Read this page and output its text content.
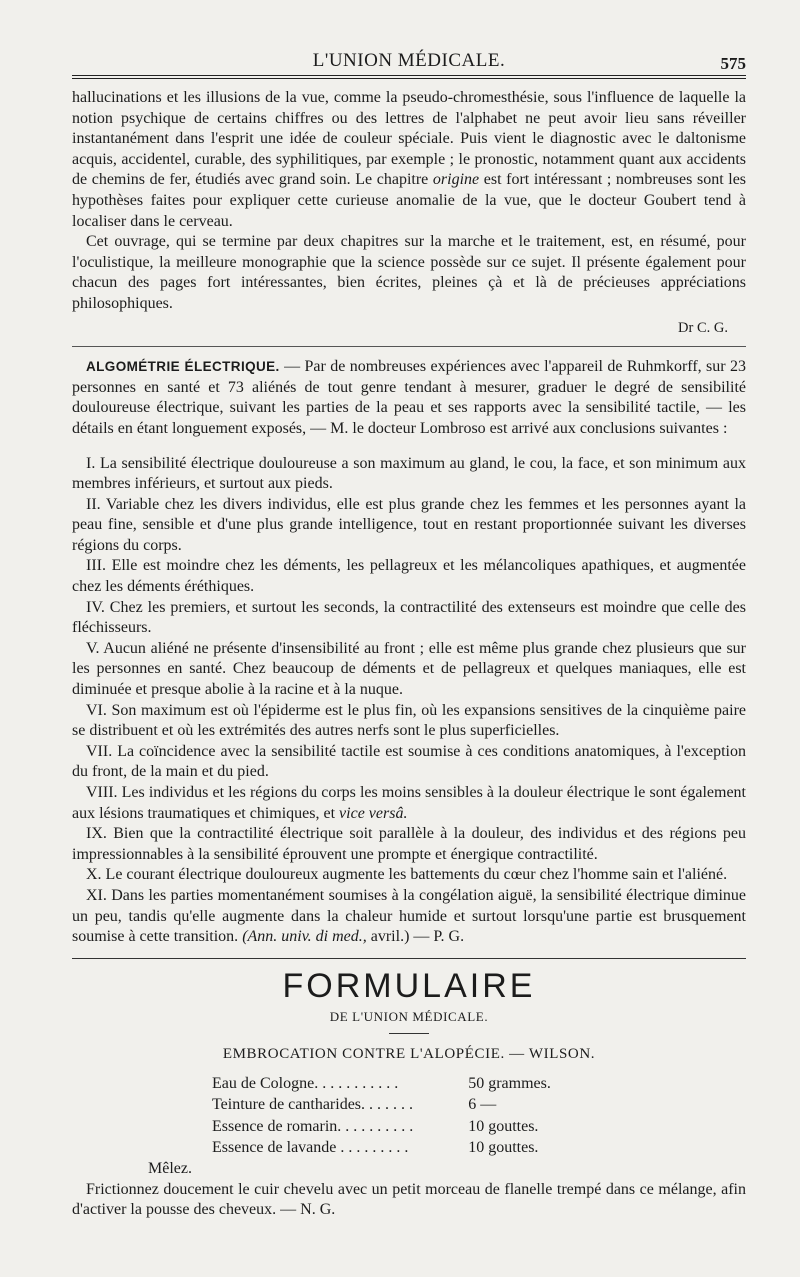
L'UNION MÉDICALE.	575

hallucinations et les illusions de la vue, comme la pseudo-chromesthésie, sous l'influence de laquelle la notion psychique de certains chiffres ou des lettres de l'alphabet ne peut avoir lieu sans réveiller instantanément dans l'esprit une idée de couleur spéciale. Puis vient le diagnostic avec le daltonisme acquis, accidentel, curable, des syphilitiques, par exemple ; le pronostic, notamment quant aux accidents de chemins de fer, étudiés avec grand soin. Le chapitre origine est fort intéressant ; nombreuses sont les hypothèses faites pour expliquer cette curieuse anomalie de la vue, que le docteur Goubert tend à localiser dans le cerveau.

Cet ouvrage, qui se termine par deux chapitres sur la marche et le traitement, est, en résumé, pour l'oculistique, la meilleure monographie que la science possède sur ce sujet. Il présente également pour chacun des pages fort intéressantes, bien écrites, pleines çà et là de précieuses appréciations philosophiques.

Dr C. G.

ALGOMÉTRIE ÉLECTRIQUE. — Par de nombreuses expériences avec l'appareil de Ruhmkorff, sur 23 personnes en santé et 73 aliénés de tout genre tendant à mesurer, graduer le degré de sensibilité douloureuse électrique, suivant les parties de la peau et ses rapports avec la sensibilité tactile, — les détails en étant longuement exposés, — M. le docteur Lombroso est arrivé aux conclusions suivantes :

I. La sensibilité électrique douloureuse a son maximum au gland, le cou, la face, et son minimum aux membres inférieurs, et surtout aux pieds.

II. Variable chez les divers individus, elle est plus grande chez les femmes et les personnes ayant la peau fine, sensible et d'une plus grande intelligence, tout en restant proportionnée suivant les diverses régions du corps.

III. Elle est moindre chez les déments, les pellagreux et les mélancoliques apathiques, et augmentée chez les déments éréthiques.

IV. Chez les premiers, et surtout les seconds, la contractilité des extenseurs est moindre que celle des fléchisseurs.

V. Aucun aliéné ne présente d'insensibilité au front ; elle est même plus grande chez plusieurs que sur les personnes en santé. Chez beaucoup de déments et de pellagreux et quelques maniaques, elle est diminuée et presque abolie à la racine et à la nuque.

VI. Son maximum est où l'épiderme est le plus fin, où les expansions sensitives de la cinquième paire se distribuent et où les extrémités des autres nerfs sont le plus superficielles.

VII. La coïncidence avec la sensibilité tactile est soumise à ces conditions anatomiques, à l'exception du front, de la main et du pied.

VIII. Les individus et les régions du corps les moins sensibles à la douleur électrique le sont également aux lésions traumatiques et chimiques, et vice versâ.

IX. Bien que la contractilité électrique soit parallèle à la douleur, des individus et des régions peu impressionnables à la sensibilité éprouvent une prompte et énergique contractilité.

X. Le courant électrique douloureux augmente les battements du cœur chez l'homme sain et l'aliéné.

XI. Dans les parties momentanément soumises à la congélation aiguë, la sensibilité électrique diminue un peu, tandis qu'elle augmente dans la chaleur humide et surtout lorsqu'une partie est brusquement soumise à cette transition. (Ann. univ. di med., avril.) — P. G.

FORMULAIRE
DE L'UNION MÉDICALE.
EMBROCATION CONTRE L'ALOPÉCIE. — WILSON.
Eau de Cologne. . . . . . . . . . .	50 grammes.
Teinture de cantharides. . . . . . .	6 —
Essence de romarin. . . . . . . . . .	10 gouttes.
Essence de lavande . . . . . . . . .	10 gouttes.

Mêlez.

Frictionnez doucement le cuir chevelu avec un petit morceau de flanelle trempé dans ce mélange, afin d'activer la pousse des cheveux. — N. G.
